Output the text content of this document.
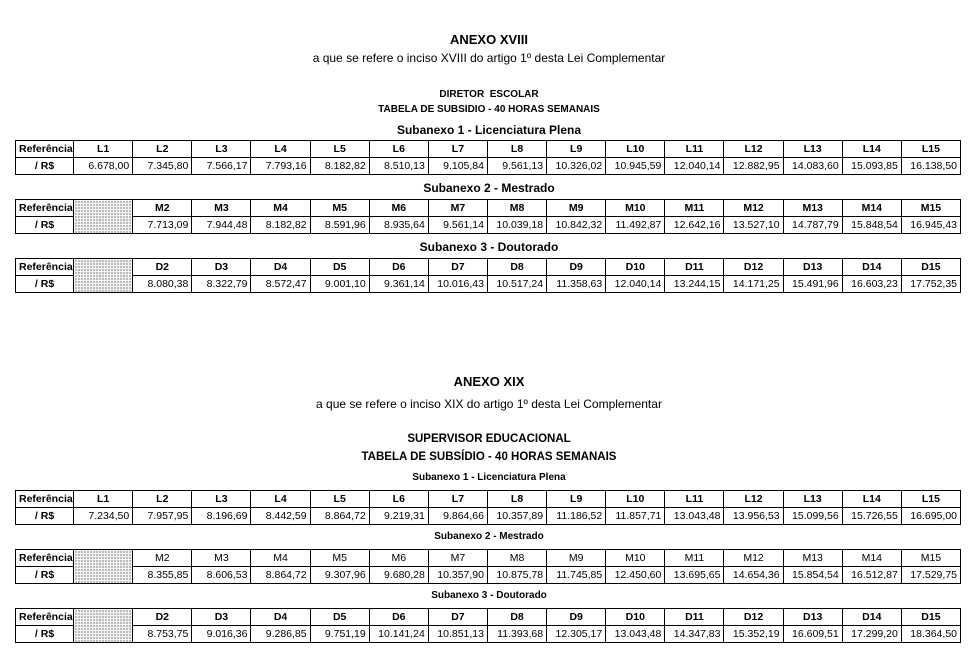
ANEXO XVIII
a que se refere o inciso XVIII do artigo 1º desta Lei Complementar
DIRETOR  ESCOLAR
TABELA DE SUBSÍDIO - 40 HORAS SEMANAIS
Subanexo 1 - Licenciatura Plena
Referência	L1	L2	L3	L4	L5	L6	L7	L8	L9	L10	L11	L12	L13	L14	L15
/ R$	6.678,00	7.345,80	7.566,17	7.793,16	8.182,82	8.510,13	9.105,84	9.561,13	10.326,02	10.945,59	12.040,14	12.882,95	14.083,60	15.093,85	16.138,50
Subanexo 2 - Mestrado
Referência		M2	M3	M4	M5	M6	M7	M8	M9	M10	M11	M12	M13	M14	M15
/ R$		7.713,09	7.944,48	8.182,82	8.591,96	8.935,64	9.561,14	10.039,18	10.842,32	11.492,87	12.642,16	13.527,10	14.787,79	15.848,54	16.945,43
Subanexo 3 - Doutorado
Referência		D2	D3	D4	D5	D6	D7	D8	D9	D10	D11	D12	D13	D14	D15
/ R$		8.080,38	8.322,79	8.572,47	9.001,10	9.361,14	10.016,43	10.517,24	11.358,63	12.040,14	13.244,15	14.171,25	15.491,96	16.603,23	17.752,35
ANEXO XIX
a que se refere o inciso XIX do artigo 1º desta Lei Complementar
SUPERVISOR EDUCACIONAL
TABELA DE SUBSÍDIO - 40 HORAS SEMANAIS
Subanexo 1 - Licenciatura Plena
Referência	L1	L2	L3	L4	L5	L6	L7	L8	L9	L10	L11	L12	L13	L14	L15
/ R$	7.234,50	7.957,95	8.196,69	8.442,59	8.864,72	9.219,31	9.864,66	10.357,89	11.186,52	11.857,71	13.043,48	13.956,53	15.099,56	15.726,55	16.695,00
Subanexo 2 - Mestrado
Referência		M2	M3	M4	M5	M6	M7	M8	M9	M10	M11	M12	M13	M14	M15
/ R$		8.355,85	8.606,53	8.864,72	9.307,96	9.680,28	10.357,90	10.875,78	11.745,85	12.450,60	13.695,65	14.654,36	15.854,54	16.512,87	17.529,75
Subanexo 3 - Doutorado
Referência		D2	D3	D4	D5	D6	D7	D8	D9	D10	D11	D12	D13	D14	D15
/ R$		8.753,75	9.016,36	9.286,85	9.751,19	10.141,24	10.851,13	11.393,68	12.305,17	13.043,48	14.347,83	15.352,19	16.609,51	17.299,20	18.364,50
